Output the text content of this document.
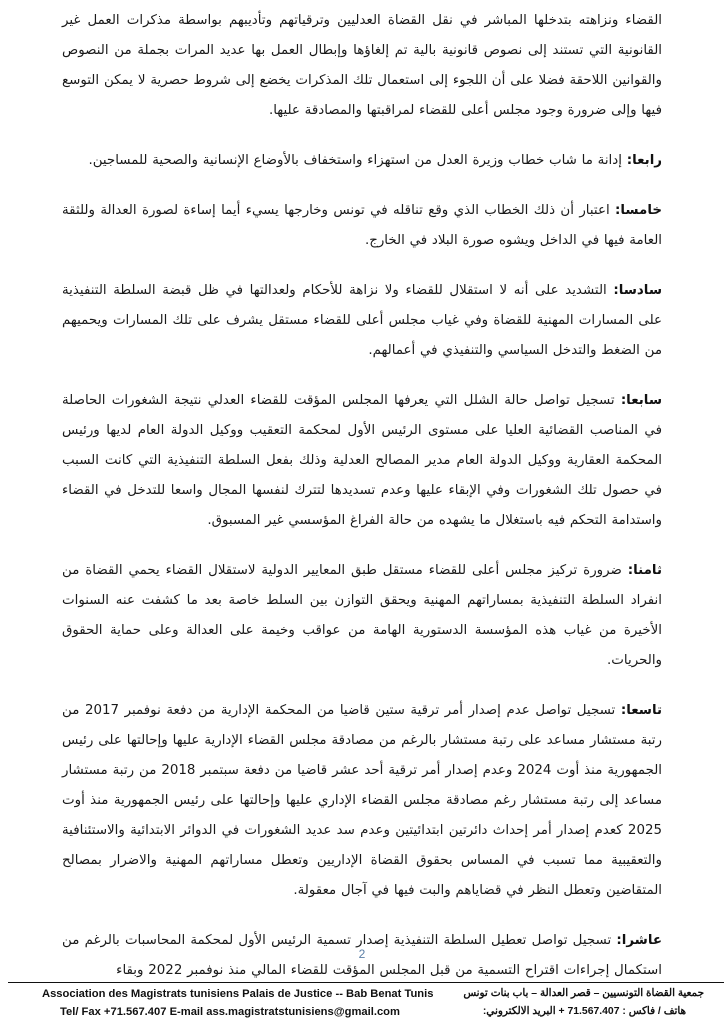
القضاء ونزاهته بتدخلها المباشر في نقل القضاة العدليين وترقياتهم وتأديبهم بواسطة مذكرات العمل غير القانونية التي تستند إلى نصوص قانونية بالية تم إلغاؤها وإبطال العمل بها عديد المرات بجملة من النصوص والقوانين اللاحقة فضلا على أن اللجوء إلى استعمال تلك المذكرات يخضع إلى شروط حصرية لا يمكن التوسع فيها وإلى ضرورة وجود مجلس أعلى للقضاء لمراقبتها والمصادقة عليها.

رابعا: إدانة ما شاب خطاب وزيرة العدل من استهزاء واستخفاف بالأوضاع الإنسانية والصحية للمساجين.

خامسا: اعتبار أن ذلك الخطاب الذي وقع تناقله في تونس وخارجها يسيء أيما إساءة لصورة العدالة وللثقة العامة فيها في الداخل ويشوه صورة البلاد في الخارج.

سادسا: التشديد على أنه لا استقلال للقضاء ولا نزاهة للأحكام ولعدالتها في ظل قبضة السلطة التنفيذية على المسارات المهنية للقضاة وفي غياب مجلس أعلى للقضاء مستقل يشرف على تلك المسارات ويحميهم من الضغط والتدخل السياسي والتنفيذي في أعمالهم.

سابعا: تسجيل تواصل حالة الشلل التي يعرفها المجلس المؤقت للقضاء العدلي نتيجة الشغورات الحاصلة في المناصب القضائية العليا على مستوى الرئيس الأول لمحكمة التعقيب ووكيل الدولة العام لديها ورئيس المحكمة العقارية ووكيل الدولة العام مدير المصالح العدلية وذلك بفعل السلطة التنفيذية التي كانت السبب في حصول تلك الشغورات وفي الإبقاء عليها وعدم تسديدها لتترك لنفسها المجال واسعا للتدخل في القضاء واستدامة التحكم فيه باستغلال ما يشهده من حالة الفراغ المؤسسي غير المسبوق.

ثامنا: ضرورة تركيز مجلس أعلى للقضاء مستقل طبق المعايير الدولية لاستقلال القضاء يحمي القضاة من انفراد السلطة التنفيذية بمساراتهم المهنية ويحقق التوازن بين السلط خاصة بعد ما كشفت عنه السنوات الأخيرة من غياب هذه المؤسسة الدستورية الهامة من عواقب وخيمة على العدالة وعلى حماية الحقوق والحريات.

تاسعا: تسجيل تواصل عدم إصدار أمر ترقية ستين قاضيا من المحكمة الإدارية من دفعة نوفمبر 2017 من رتبة مستشار مساعد على رتبة مستشار بالرغم من مصادقة مجلس القضاء الإدارية عليها وإحالتها على رئيس الجمهورية منذ أوت 2024 وعدم إصدار أمر ترقية أحد عشر قاضيا من دفعة سبتمبر 2018 من رتبة مستشار مساعد إلى رتبة مستشار رغم مصادقة مجلس القضاء الإداري عليها وإحالتها على رئيس الجمهورية منذ أوت 2025 كعدم إصدار أمر إحداث دائرتين ابتدائيتين وعدم سد عديد الشغورات في الدوائر الابتدائية والاستئنافية والتعقيبية مما تسبب في المساس بحقوق القضاة الإداريين وتعطل مساراتهم المهنية والاضرار بمصالح المتقاضين وتعطل النظر في قضاياهم والبت فيها في آجال معقولة.

عاشرا: تسجيل تواصل تعطيل السلطة التنفيذية إصدار تسمية الرئيس الأول لمحكمة المحاسبات بالرغم من استكمال إجراءات اقتراح التسمية من قبل المجلس المؤقت للقضاء المالي منذ نوفمبر 2022 وبقاء

2
Association des Magistrats tunisiens Palais de Justice -- Bab Benat Tunis	جمعية القضاة التونسيين – قصر العدالة – باب بنات تونس
Tel/ Fax +71.567.407 E-mail ass.magistratstunisiens@gmail.com	هاتف / فاكس : 71.567.407 + البريد الالكتروني:
